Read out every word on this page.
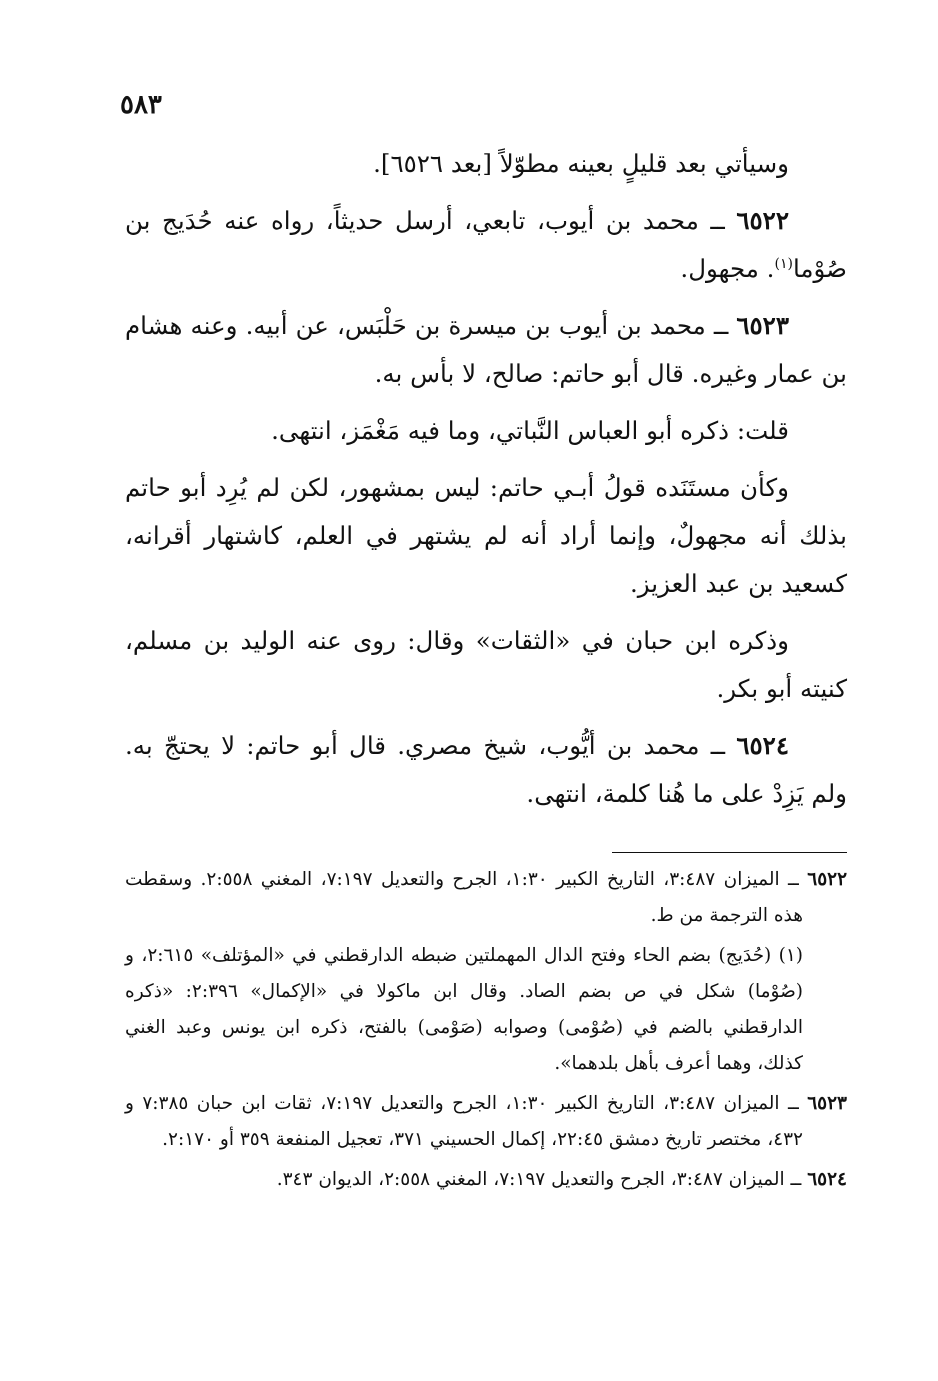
٥٨٣

وسيأتي بعد قليلٍ بعينه مطوّلاً [بعد ٦٥٢٦].

٦٥٢٢ ــ محمد بن أيوب، تابعي، أرسل حديثاً، رواه عنه حُدَيج بن صُوْما$^{(١)}$. مجهول.

٦٥٢٣ ــ محمد بن أيوب بن ميسرة بن حَلْبَس، عن أبيه. وعنه هشام بن عمار وغيره. قال أبو حاتم: صالح، لا بأس به.

قلت: ذكره أبو العباس النَّباتي، وما فيه مَغْمَز، انتهى.

وكأن مستَنَده قولُ أبـي حاتم: ليس بمشهور، لكن لم يُرِد أبو حاتم بذلك أنه مجهولٌ، وإنما أراد أنه لم يشتهر في العلم، كاشتهار أقرانه، كسعيد بن عبد العزيز.

وذكره ابن حبان في «الثقات» وقال: روى عنه الوليد بن مسلم، كنيته أبو بكر.

٦٥٢٤ ــ محمد بن أيُّوب، شيخ مصري. قال أبو حاتم: لا يحتجّ به. ولم يَزِدْ على ما هُنا كلمة، انتهى.

٦٥٢٢ ــ الميزان ٣:٤٨٧، التاريخ الكبير ١:٣٠، الجرح والتعديل ٧:١٩٧، المغني ٢:٥٥٨. وسقطت هذه الترجمة من ط.

(١) (حُدَيج) بضم الحاء وفتح الدال المهملتين ضبطه الدارقطني في «المؤتلف» ٢:٦١٥، و (صُوْما) شكل في ص بضم الصاد. وقال ابن ماكولا في «الإكمال» ٢:٣٩٦: «ذكره الدارقطني بالضم في (صُوْمى) وصوابه (صَوْمى) بالفتح، ذكره ابن يونس وعبد الغني كذلك، وهما أعرف بأهل بلدهما».

٦٥٢٣ ــ الميزان ٣:٤٨٧، التاريخ الكبير ١:٣٠، الجرح والتعديل ٧:١٩٧، ثقات ابن حبان ٧:٣٨٥ و ٤٣٢، مختصر تاريخ دمشق ٢٢:٤٥، إكمال الحسيني ٣٧١، تعجيل المنفعة ٣٥٩ أو ٢:١٧٠.

٦٥٢٤ ــ الميزان ٣:٤٨٧، الجرح والتعديل ٧:١٩٧، المغني ٢:٥٥٨، الديوان ٣٤٣.
